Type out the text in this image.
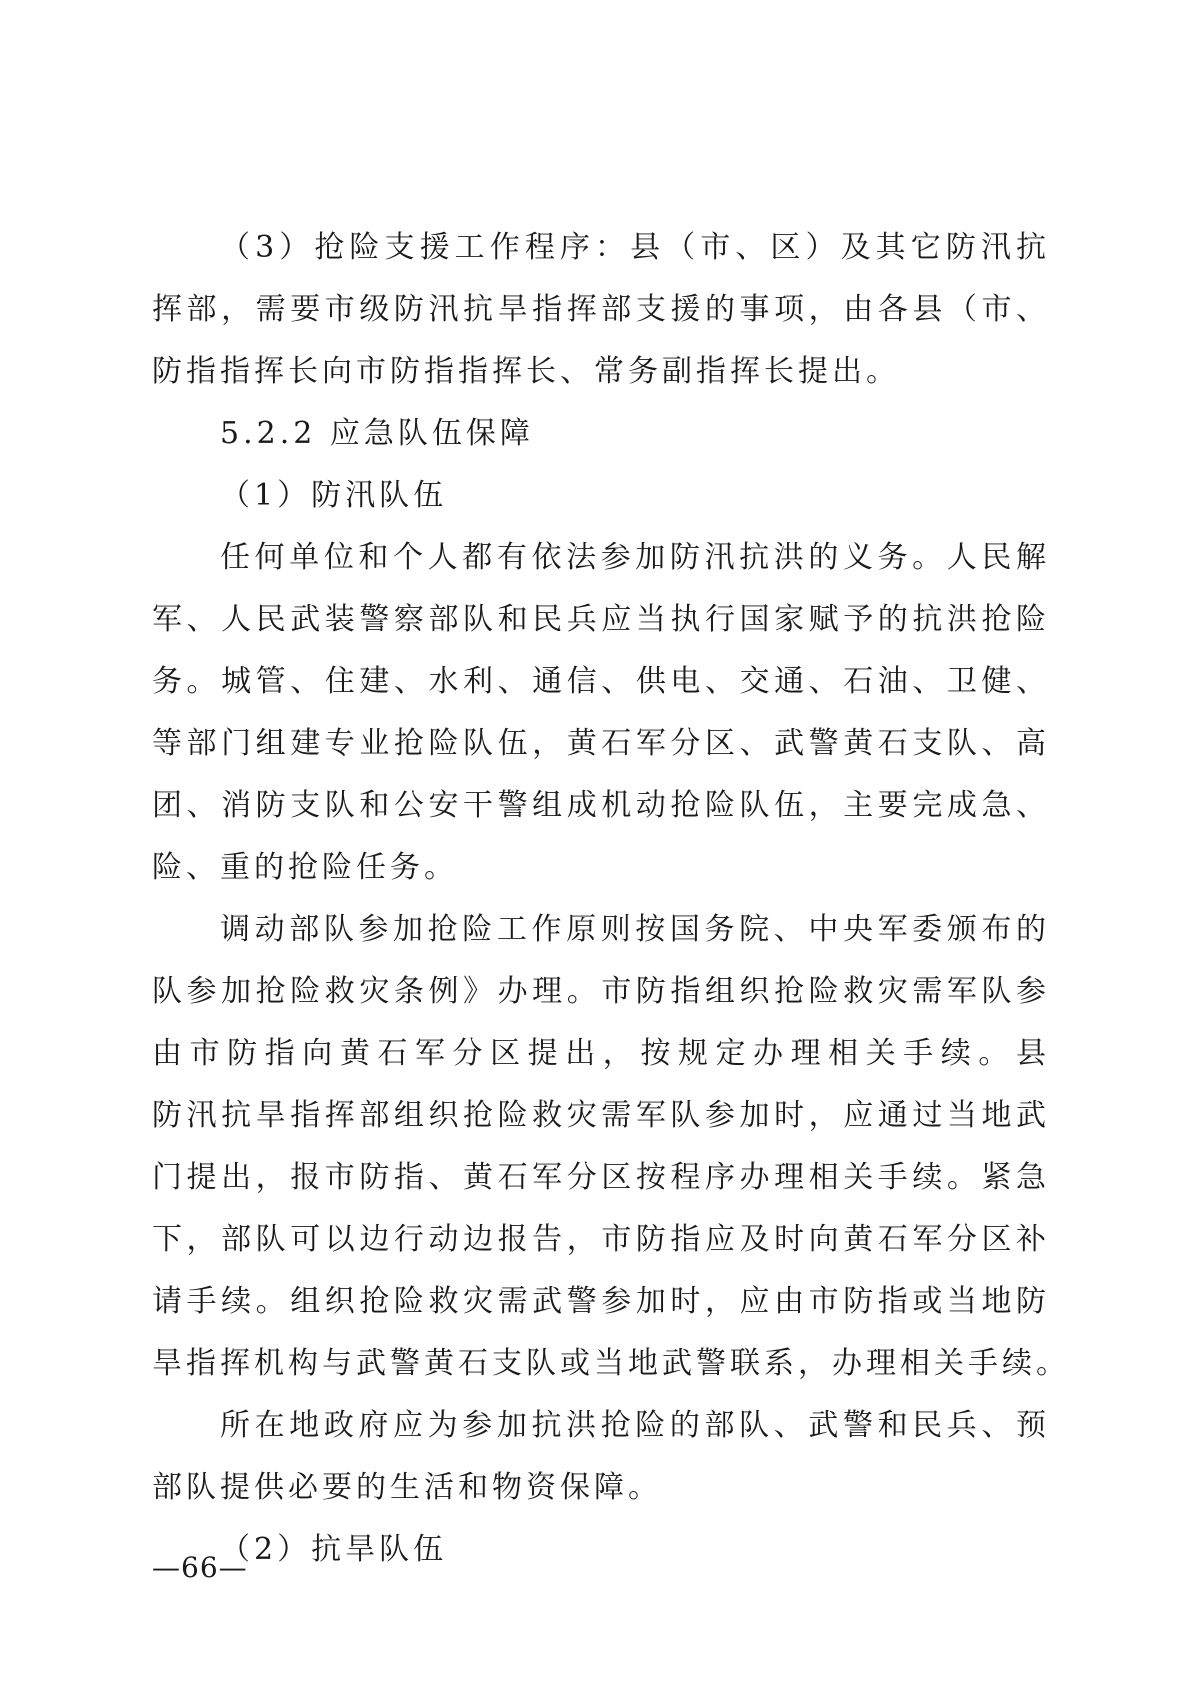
（3）抢险支援工作程序：县（市、区）及其它防汛抗
挥部，需要市级防汛抗旱指挥部支援的事项，由各县（市、
防指指挥长向市防指指挥长、常务副指挥长提出。
5.2.2 应急队伍保障
（1）防汛队伍
任何单位和个人都有依法参加防汛抗洪的义务。人民解
军、人民武装警察部队和民兵应当执行国家赋予的抗洪抢险
务。城管、住建、水利、通信、供电、交通、石油、卫健、
等部门组建专业抢险队伍，黄石军分区、武警黄石支队、高
团、消防支队和公安干警组成机动抢险队伍，主要完成急、
险、重的抢险任务。
调动部队参加抢险工作原则按国务院、中央军委颁布的
队参加抢险救灾条例》办理。市防指组织抢险救灾需军队参
由市防指向黄石军分区提出，按规定办理相关手续。县
防汛抗旱指挥部组织抢险救灾需军队参加时，应通过当地武
门提出，报市防指、黄石军分区按程序办理相关手续。紧急
下，部队可以边行动边报告，市防指应及时向黄石军分区补
请手续。组织抢险救灾需武警参加时，应由市防指或当地防
旱指挥机构与武警黄石支队或当地武警联系，办理相关手续。
所在地政府应为参加抗洪抢险的部队、武警和民兵、预
部队提供必要的生活和物资保障。
（2）抗旱队伍
—66—
